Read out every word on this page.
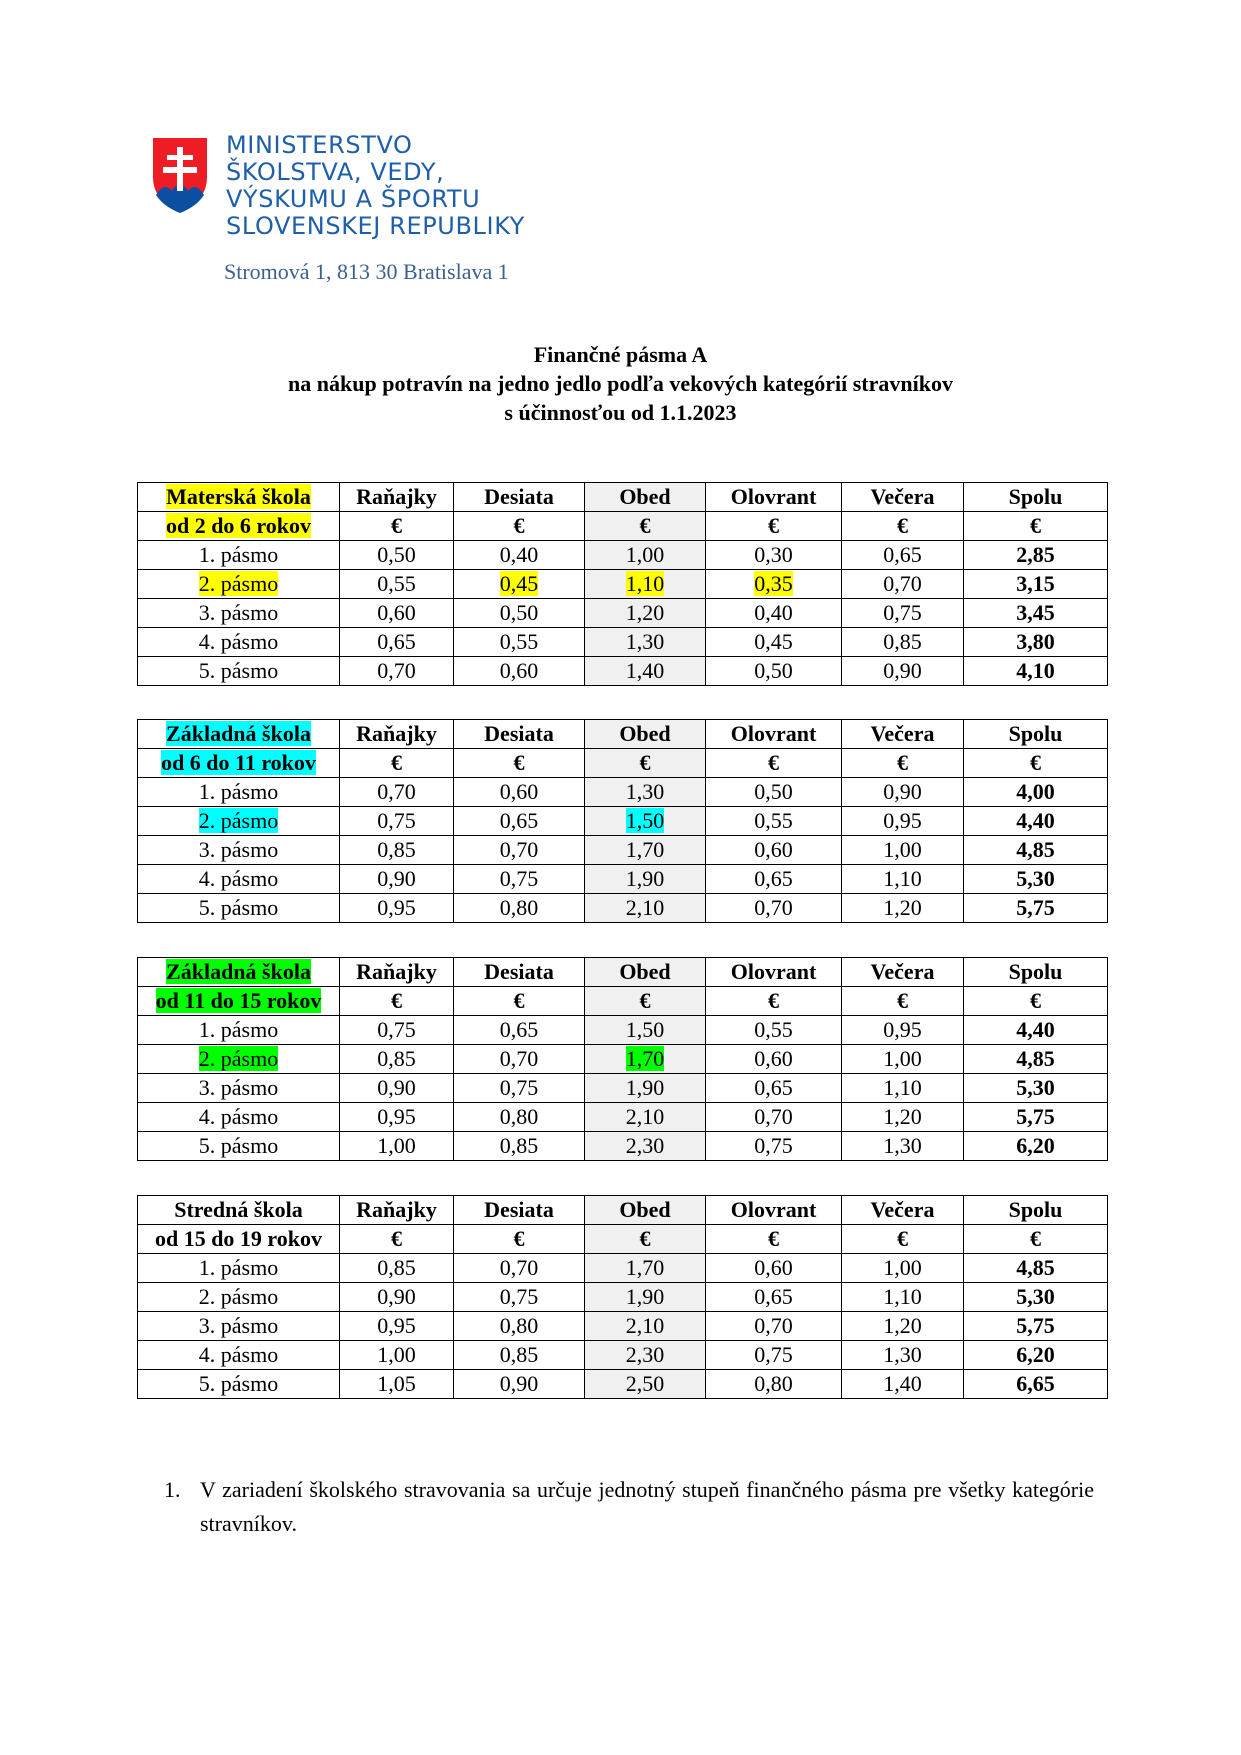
MINISTERSTVO
ŠKOLSTVA, VEDY,
VÝSKUMU A ŠPORTU
SLOVENSKEJ REPUBLIKY
Stromová 1, 813 30 Bratislava 1
Finančné pásma A
na nákup potravín na jedno jedlo podľa vekových kategórií stravníkov
s účinnosťou od 1.1.2023
Materská škola	Raňajky	Desiata	Obed	Olovrant	Večera	Spolu
od 2 do 6 rokov	€	€	€	€	€	€
1. pásmo	0,50	0,40	1,00	0,30	0,65	2,85
2. pásmo	0,55	0,45	1,10	0,35	0,70	3,15
3. pásmo	0,60	0,50	1,20	0,40	0,75	3,45
4. pásmo	0,65	0,55	1,30	0,45	0,85	3,80
5. pásmo	0,70	0,60	1,40	0,50	0,90	4,10
Základná škola	Raňajky	Desiata	Obed	Olovrant	Večera	Spolu
od 6 do 11 rokov	€	€	€	€	€	€
1. pásmo	0,70	0,60	1,30	0,50	0,90	4,00
2. pásmo	0,75	0,65	1,50	0,55	0,95	4,40
3. pásmo	0,85	0,70	1,70	0,60	1,00	4,85
4. pásmo	0,90	0,75	1,90	0,65	1,10	5,30
5. pásmo	0,95	0,80	2,10	0,70	1,20	5,75
Základná škola	Raňajky	Desiata	Obed	Olovrant	Večera	Spolu
od 11 do 15 rokov	€	€	€	€	€	€
1. pásmo	0,75	0,65	1,50	0,55	0,95	4,40
2. pásmo	0,85	0,70	1,70	0,60	1,00	4,85
3. pásmo	0,90	0,75	1,90	0,65	1,10	5,30
4. pásmo	0,95	0,80	2,10	0,70	1,20	5,75
5. pásmo	1,00	0,85	2,30	0,75	1,30	6,20
Stredná škola	Raňajky	Desiata	Obed	Olovrant	Večera	Spolu
od 15 do 19 rokov	€	€	€	€	€	€
1. pásmo	0,85	0,70	1,70	0,60	1,00	4,85
2. pásmo	0,90	0,75	1,90	0,65	1,10	5,30
3. pásmo	0,95	0,80	2,10	0,70	1,20	5,75
4. pásmo	1,00	0,85	2,30	0,75	1,30	6,20
5. pásmo	1,05	0,90	2,50	0,80	1,40	6,65
1. V zariadení školského stravovania sa určuje jednotný stupeň finančného pásma pre všetky kategórie stravníkov.
